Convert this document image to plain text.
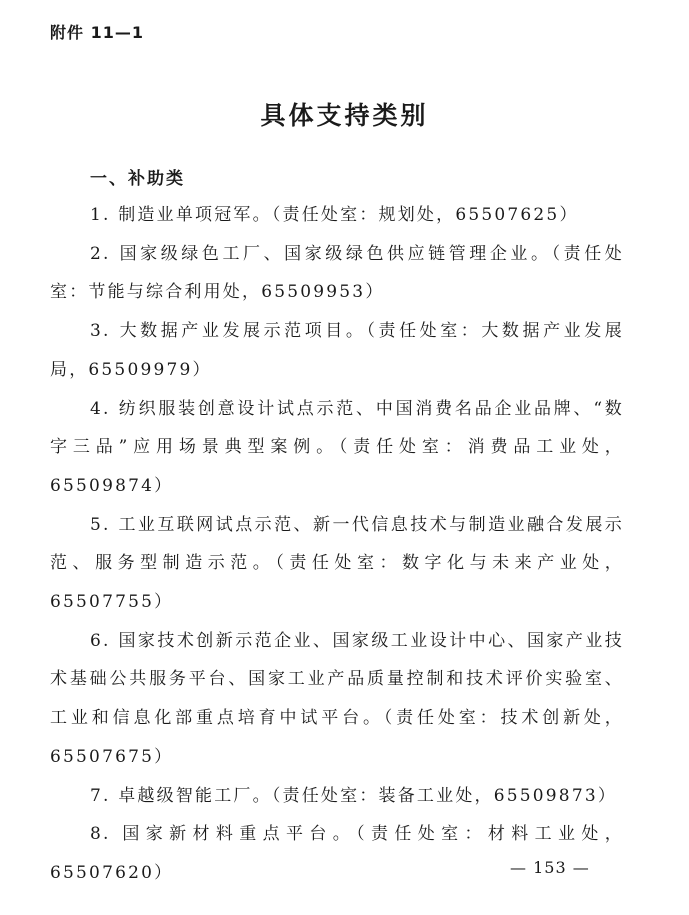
附件 11—1
具体支持类别
一、补助类
1. 制造业单项冠军。（责任处室：规划处，65507625）
2. 国家级绿色工厂、国家级绿色供应链管理企业。（责任处室：节能与综合利用处，65509953）
3. 大数据产业发展示范项目。（责任处室：大数据产业发展局，65509979）
4. 纺织服装创意设计试点示范、中国消费名品企业品牌、“数字三品”应用场景典型案例。（责任处室：消费品工业处，65509874）
5. 工业互联网试点示范、新一代信息技术与制造业融合发展示范、服务型制造示范。（责任处室：数字化与未来产业处，65507755）
6. 国家技术创新示范企业、国家级工业设计中心、国家产业技术基础公共服务平台、国家工业产品质量控制和技术评价实验室、工业和信息化部重点培育中试平台。（责任处室：技术创新处，65507675）
7. 卓越级智能工厂。（责任处室：装备工业处，65509873）
8. 国家新材料重点平台。（责任处室：材料工业处，65507620）	— 153 —
